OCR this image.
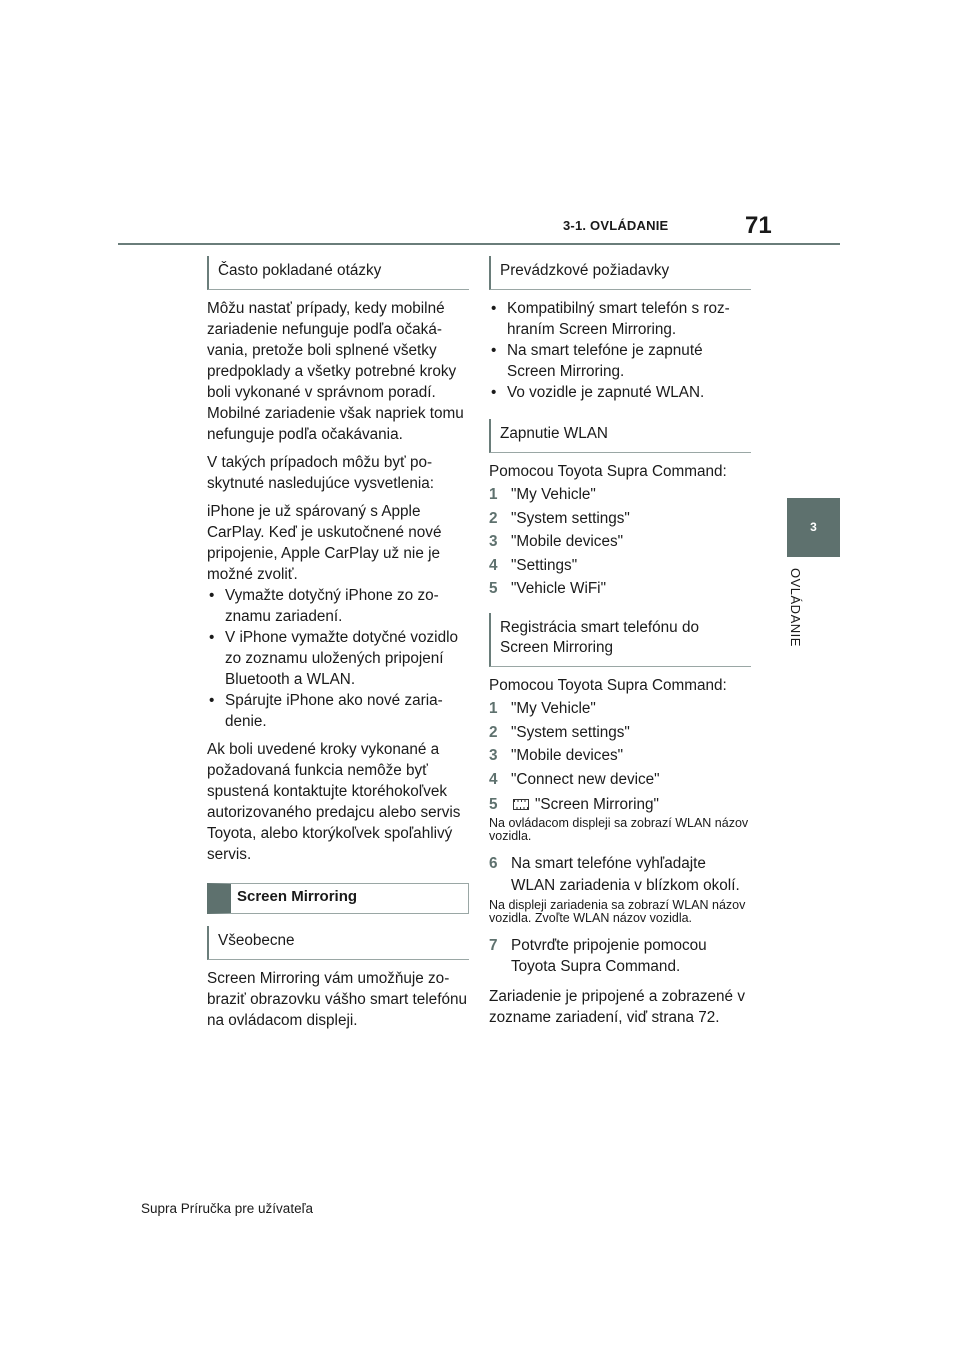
3-1. OVLÁDANIE	71
3
OVLÁDANIE
Často pokladané otázky

Môžu nastať prípady, kedy mobilné zariadenie nefunguje podľa očakávania, pretože boli splnené všetky predpoklady a všetky potrebné kroky boli vykonané v správnom poradí. Mobilné zariadenie však napriek tomu nefunguje podľa očakávania.

V takých prípadoch môžu byť poskytnuté nasledujúce vysvetlenia:

iPhone je už spárovaný s Apple CarPlay. Keď je uskutočnené nové pripojenie, Apple CarPlay už nie je možné zvoliť.

• Vymažte dotyčný iPhone zo zoznamu zariadení.
• V iPhone vymažte dotyčné vozidlo zo zoznamu uložených pripojení Bluetooth a WLAN.
• Spárujte iPhone ako nové zariadenie.

Ak boli uvedené kroky vykonané a požadovaná funkcia nemôže byť spustená kontaktujte ktoréhokoľvek autorizovaného predajcu alebo servis Toyota, alebo ktorýkoľvek spoľahlivý servis.

Screen Mirroring
Všeobecne

Screen Mirroring vám umožňuje zobraziť obrazovku vášho smart telefónu na ovládacom displeji.

Prevádzkové požiadavky
• Kompatibilný smart telefón s rozhraním Screen Mirroring.
• Na smart telefóne je zapnuté Screen Mirroring.
• Vo vozidle je zapnuté WLAN.
Zapnutie WLAN

Pomocou Toyota Supra Command:

1 "My Vehicle"
2 "System settings"
3 "Mobile devices"
4 "Settings"
5 "Vehicle WiFi"
Registrácia smart telefónu do Screen Mirroring

Pomocou Toyota Supra Command:

1 "My Vehicle"
2 "System settings"
3 "Mobile devices"
4 "Connect new device"
5 "Screen Mirroring"

Na ovládacom displeji sa zobrazí WLAN názov vozidla.

6 Na smart telefóne vyhľadajte WLAN zariadenia v blízkom okolí.

Na displeji zariadenia sa zobrazí WLAN názov vozidla. Zvoľte WLAN názov vozidla.

7 Potvrďte pripojenie pomocou Toyota Supra Command.

Zariadenie je pripojené a zobrazené v zozname zariadení, viď strana 72.

Supra Príručka pre užívateľa
